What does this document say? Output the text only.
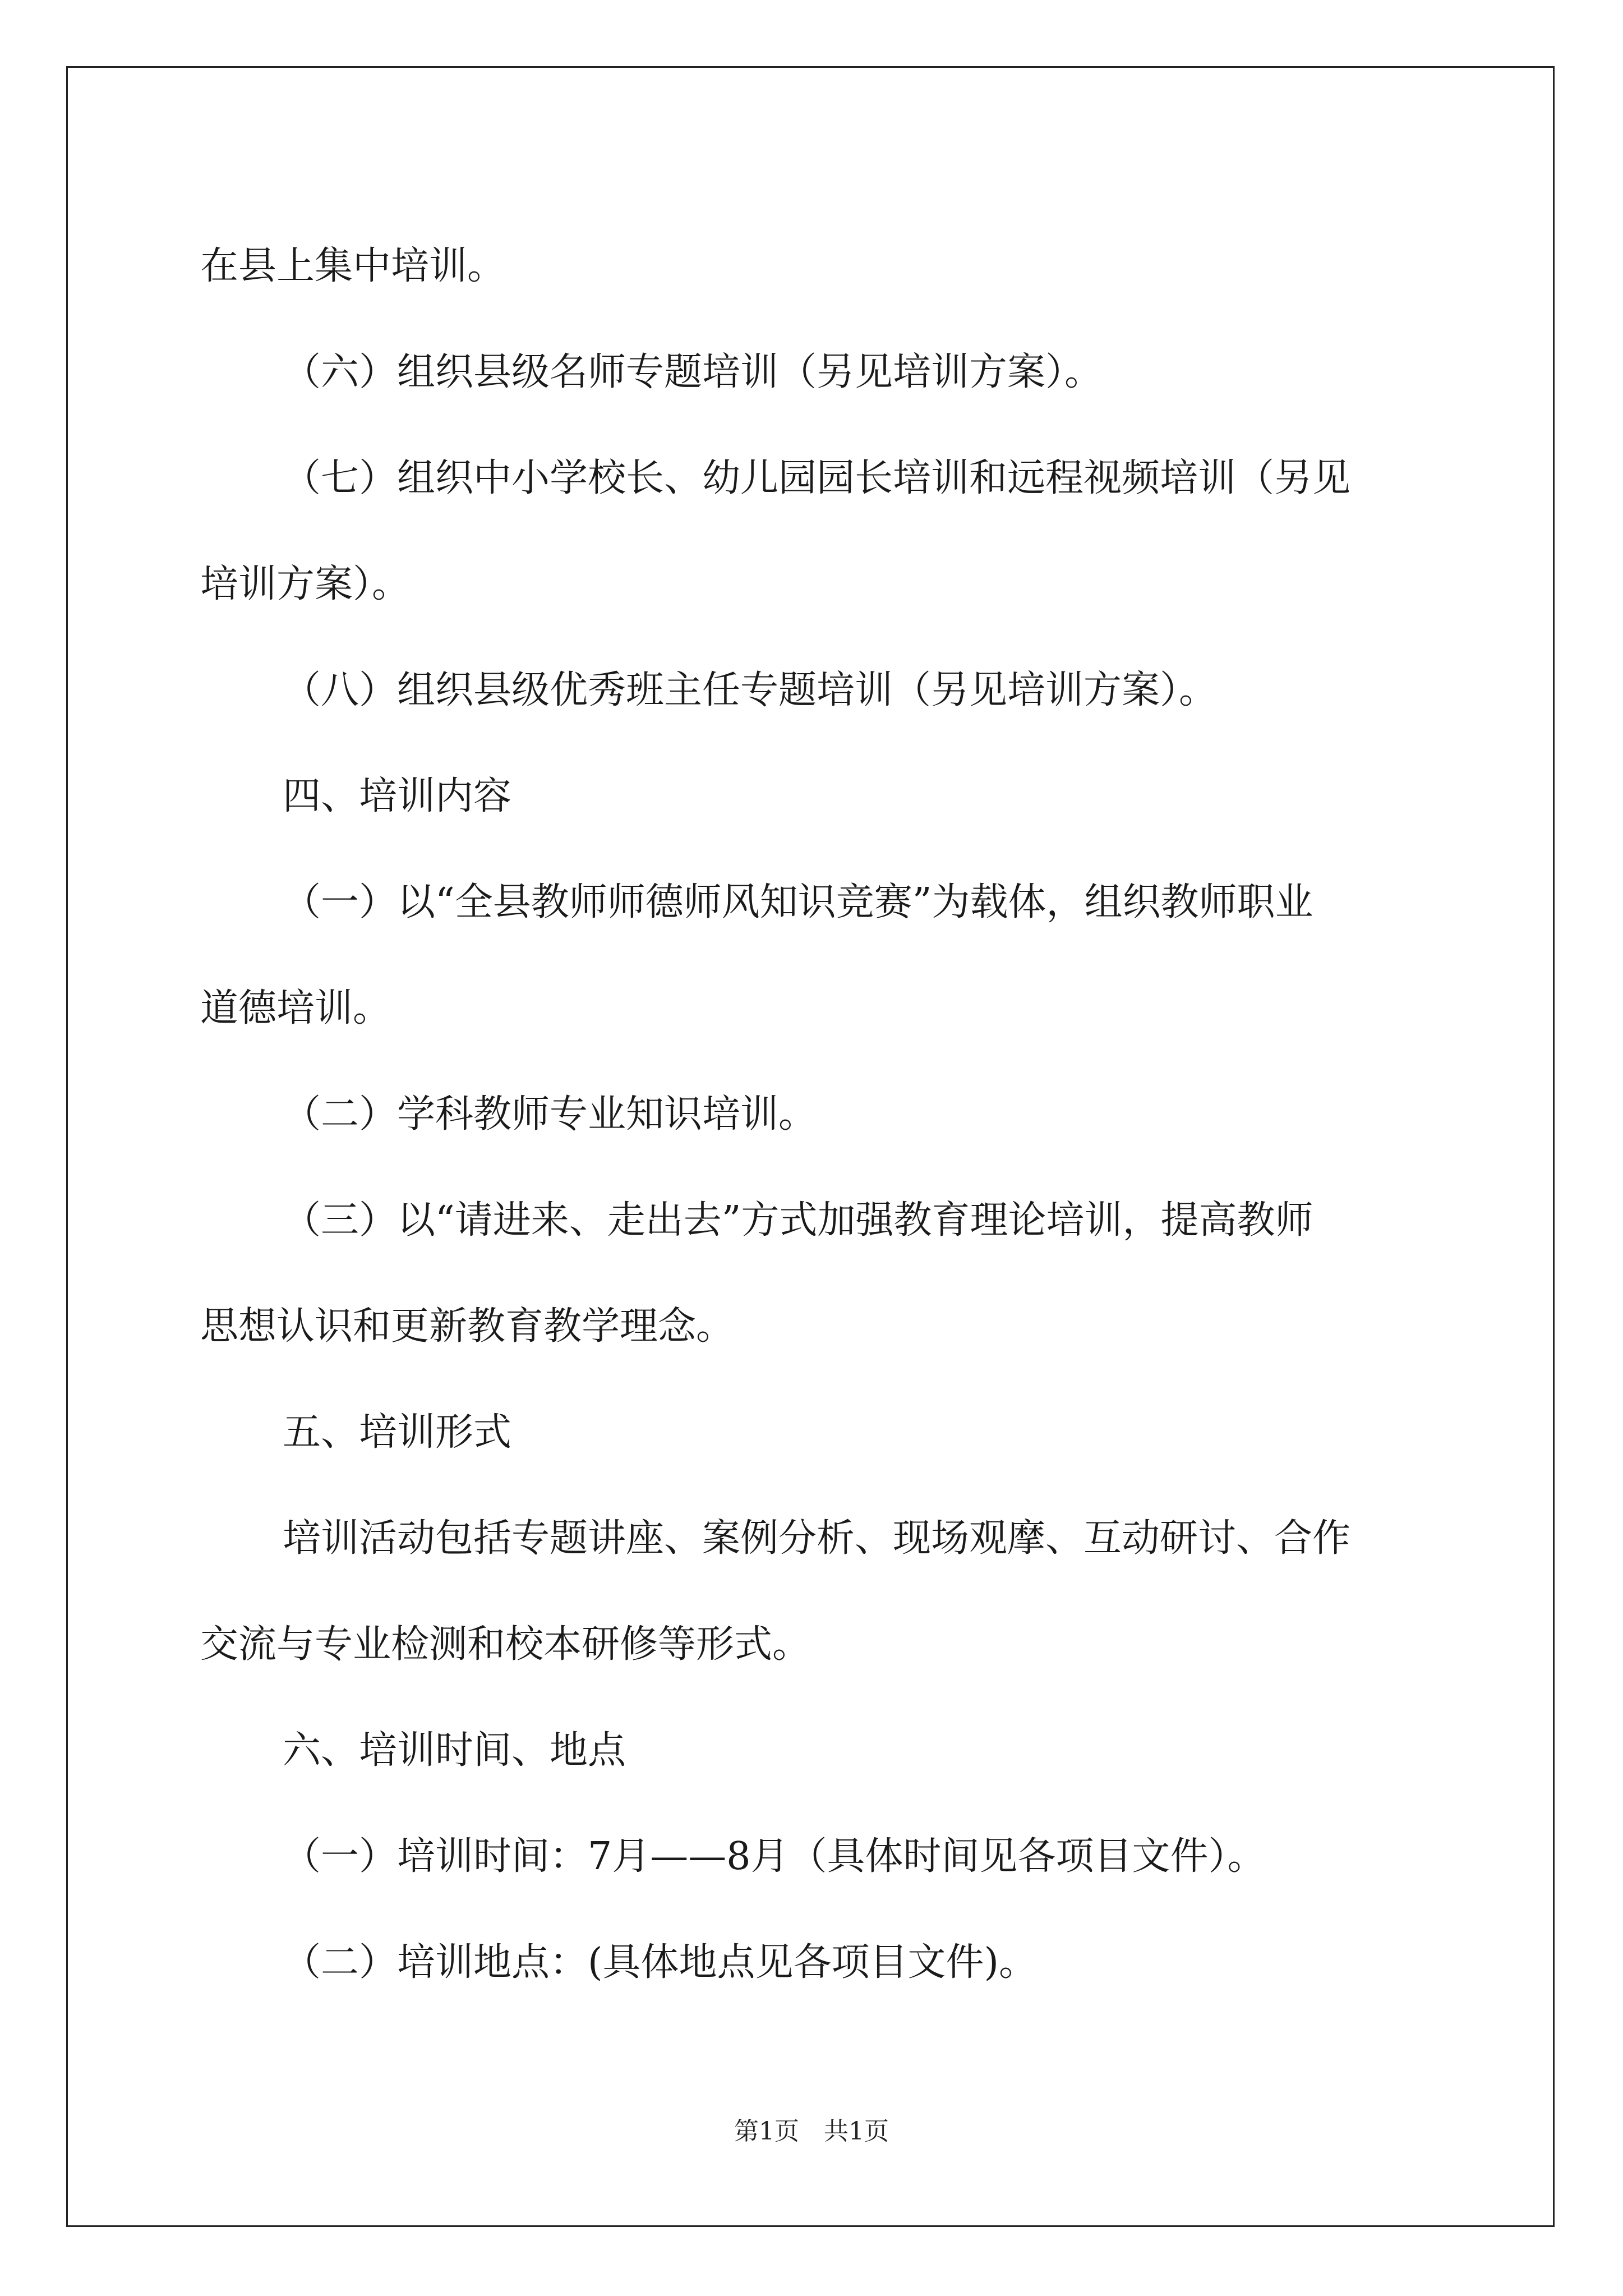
在县上集中培训。

（六）组织县级名师专题培训（另见培训方案）。

（七）组织中小学校长、幼儿园园长培训和远程视频培训（另见

培训方案）。

（八）组织县级优秀班主任专题培训（另见培训方案）。

四、培训内容

（一）以“全县教师师德师风知识竞赛”为载体，组织教师职业

道德培训。

（二）学科教师专业知识培训。

（三）以“请进来、走出去”方式加强教育理论培训，提高教师

思想认识和更新教育教学理念。

五、培训形式

培训活动包括专题讲座、案例分析、现场观摩、互动研讨、合作

交流与专业检测和校本研修等形式。

六、培训时间、地点

（一）培训时间：7月——8月（具体时间见各项目文件）。

（二）培训地点：(具体地点见各项目文件)。

第1页　共1页
